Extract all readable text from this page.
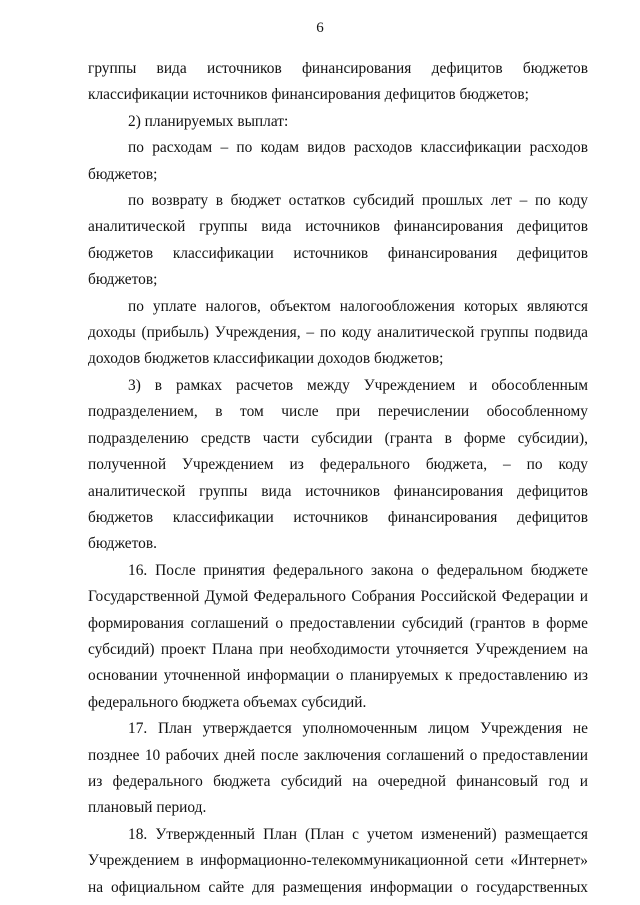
6

группы вида источников финансирования дефицитов бюджетов классификации источников финансирования дефицитов бюджетов;

2) планируемых выплат:

по расходам – по кодам видов расходов классификации расходов бюджетов;

по возврату в бюджет остатков субсидий прошлых лет – по коду аналитической группы вида источников финансирования дефицитов бюджетов классификации источников финансирования дефицитов бюджетов;

по уплате налогов, объектом налогообложения которых являются доходы (прибыль) Учреждения, – по коду аналитической группы подвида доходов бюджетов классификации доходов бюджетов;

3) в рамках расчетов между Учреждением и обособленным подразделением, в том числе при перечислении обособленному подразделению средств части субсидии (гранта в форме субсидии), полученной Учреждением из федерального бюджета, – по коду аналитической группы вида источников финансирования дефицитов бюджетов классификации источников финансирования дефицитов бюджетов.

16. После принятия федерального закона о федеральном бюджете Государственной Думой Федерального Собрания Российской Федерации и формирования соглашений о предоставлении субсидий (грантов в форме субсидий) проект Плана при необходимости уточняется Учреждением на основании уточненной информации о планируемых к предоставлению из федерального бюджета объемах субсидий.

17. План утверждается уполномоченным лицом Учреждения не позднее 10 рабочих дней после заключения соглашений о предоставлении из федерального бюджета субсидий на очередной финансовый год и плановый период.

18. Утвержденный План (План с учетом изменений) размещается Учреждением в информационно-телекоммуникационной сети «Интернет» на официальном сайте для размещения информации о государственных
